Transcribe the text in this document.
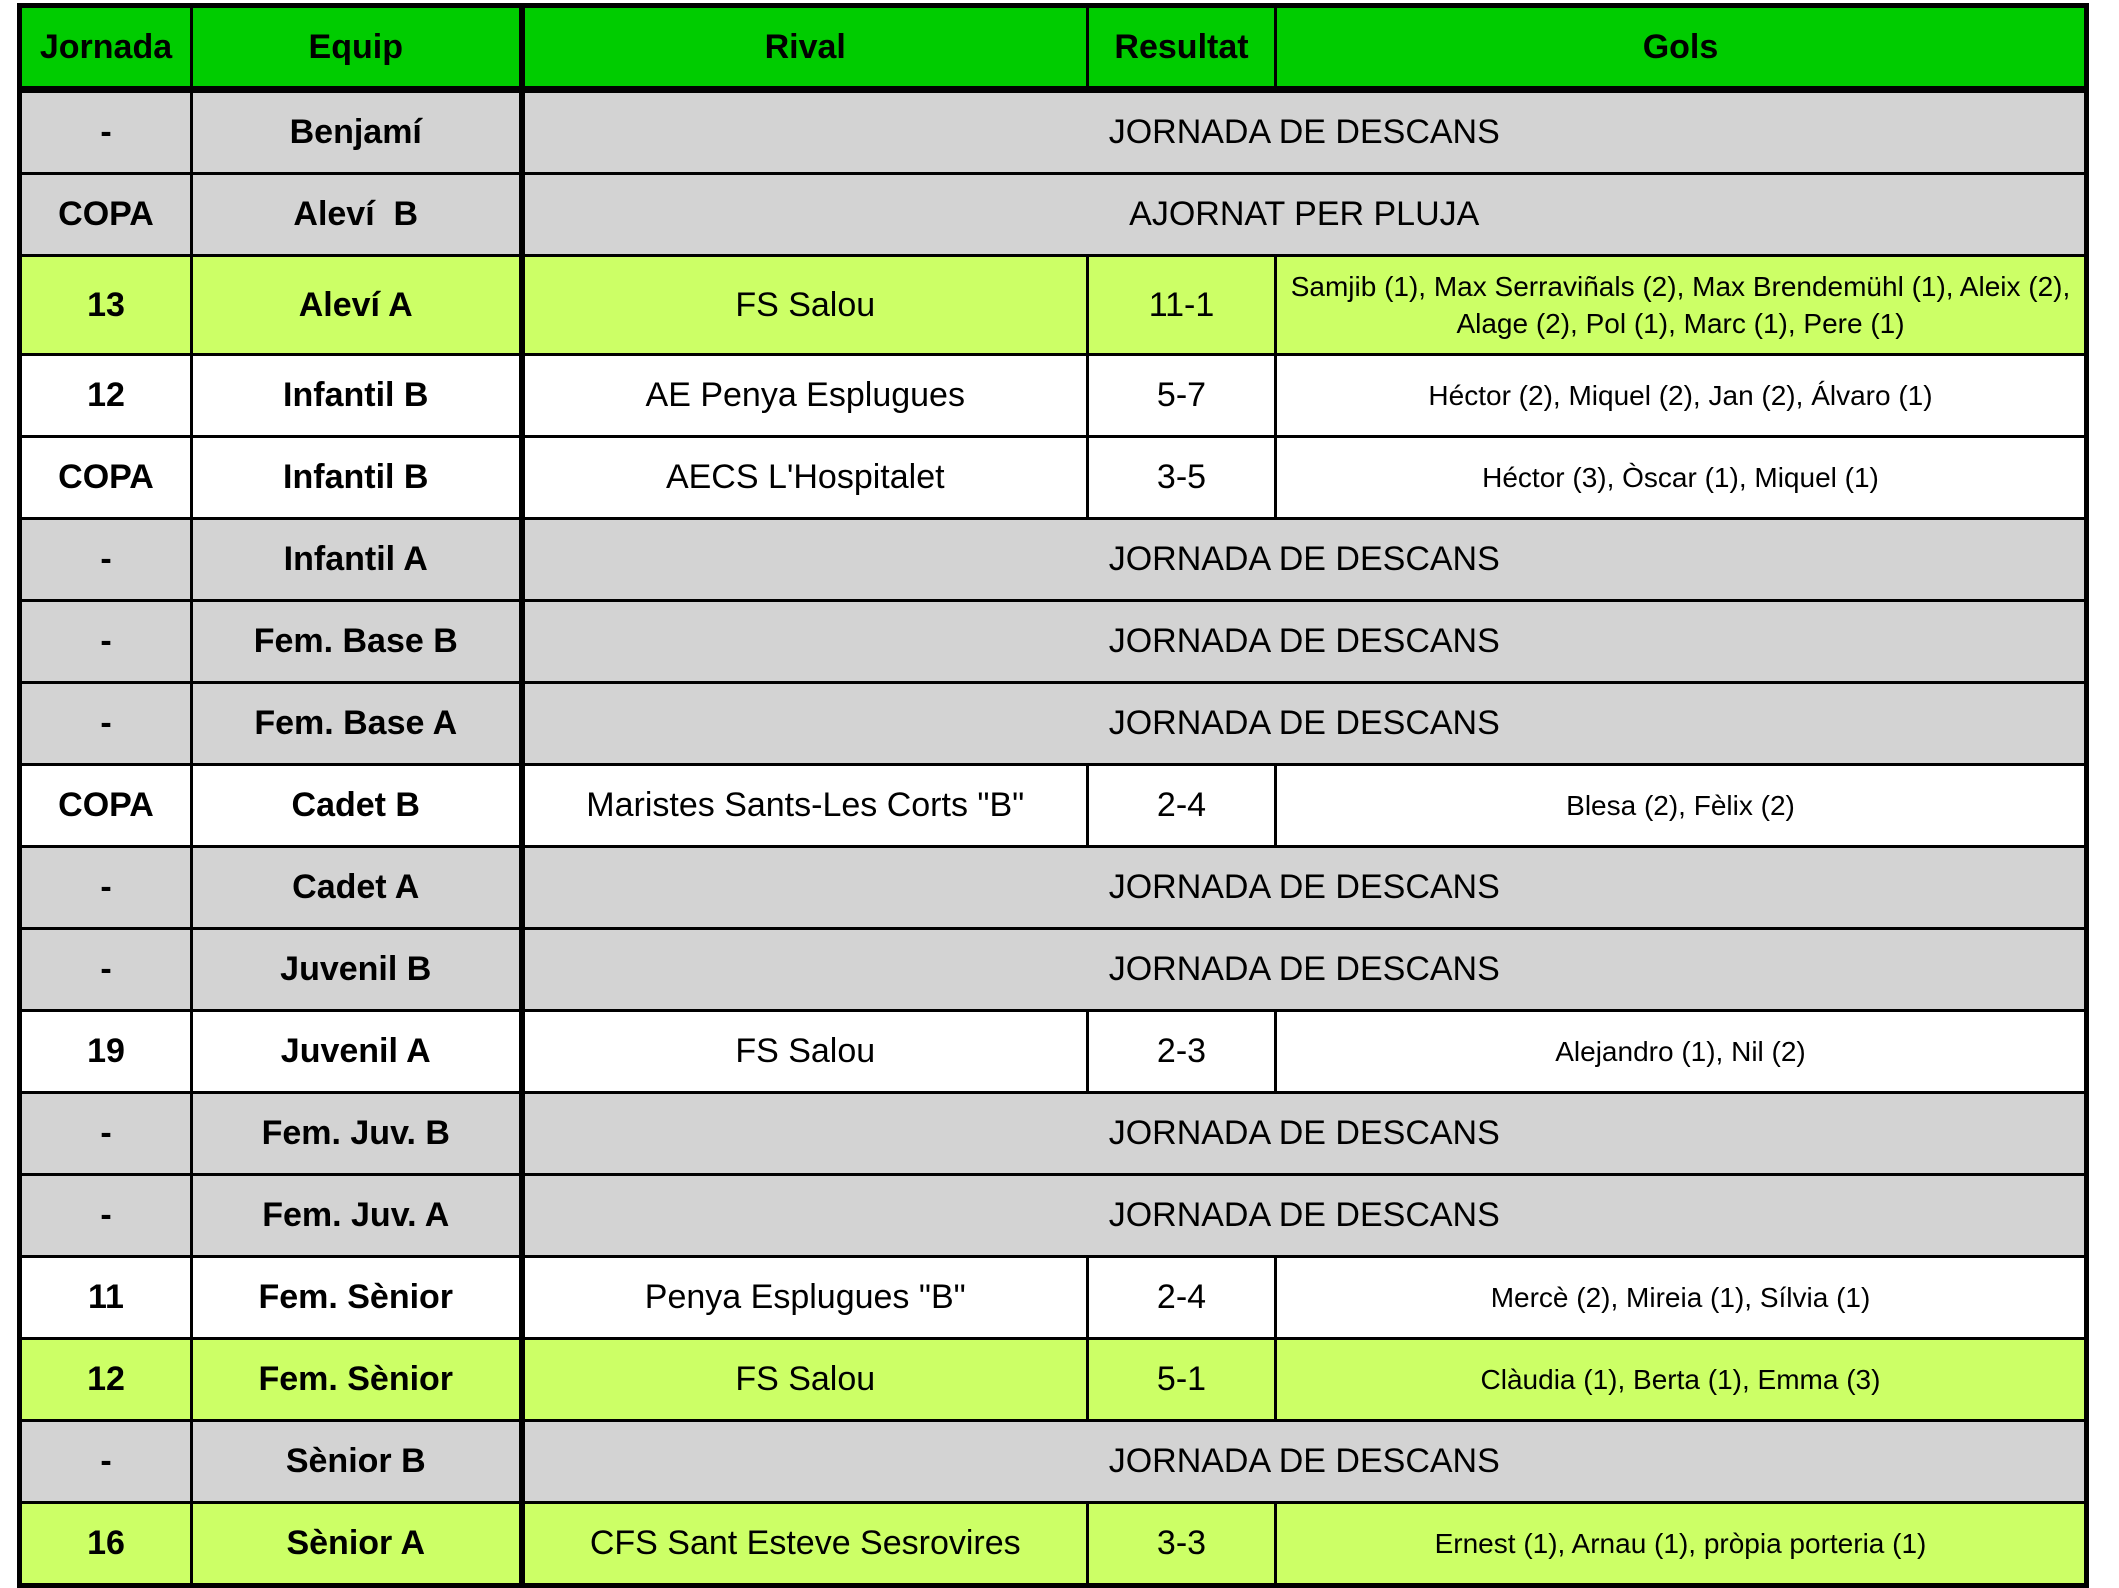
Jornada	Equip	Rival	Resultat	Gols
-	Benjamí	JORNADA DE DESCANS		
COPA	Aleví  B	AJORNAT PER PLUJA		
13	Aleví A	FS Salou	11-1	Samjib (1), Max Serraviñals (2), Max Brendemühl (1), Aleix (2), Alage (2), Pol (1), Marc (1), Pere (1)
12	Infantil B	AE Penya Esplugues	5-7	Héctor (2), Miquel (2), Jan (2), Álvaro (1)
COPA	Infantil B	AECS L'Hospitalet	3-5	Héctor (3), Òscar (1), Miquel (1)
-	Infantil A	JORNADA DE DESCANS		
-	Fem. Base B	JORNADA DE DESCANS		
-	Fem. Base A	JORNADA DE DESCANS		
COPA	Cadet B	Maristes Sants-Les Corts "B"	2-4	Blesa (2), Fèlix (2)
-	Cadet A	JORNADA DE DESCANS		
-	Juvenil B	JORNADA DE DESCANS		
19	Juvenil A	FS Salou	2-3	Alejandro (1), Nil (2)
-	Fem. Juv. B	JORNADA DE DESCANS		
-	Fem. Juv. A	JORNADA DE DESCANS		
11	Fem. Sènior	Penya Esplugues "B"	2-4	Mercè (2), Mireia (1), Sílvia (1)
12	Fem. Sènior	FS Salou	5-1	Clàudia (1), Berta (1), Emma (3)
-	Sènior B	JORNADA DE DESCANS		
16	Sènior A	CFS Sant Esteve Sesrovires	3-3	Ernest (1), Arnau (1), pròpia porteria (1)
